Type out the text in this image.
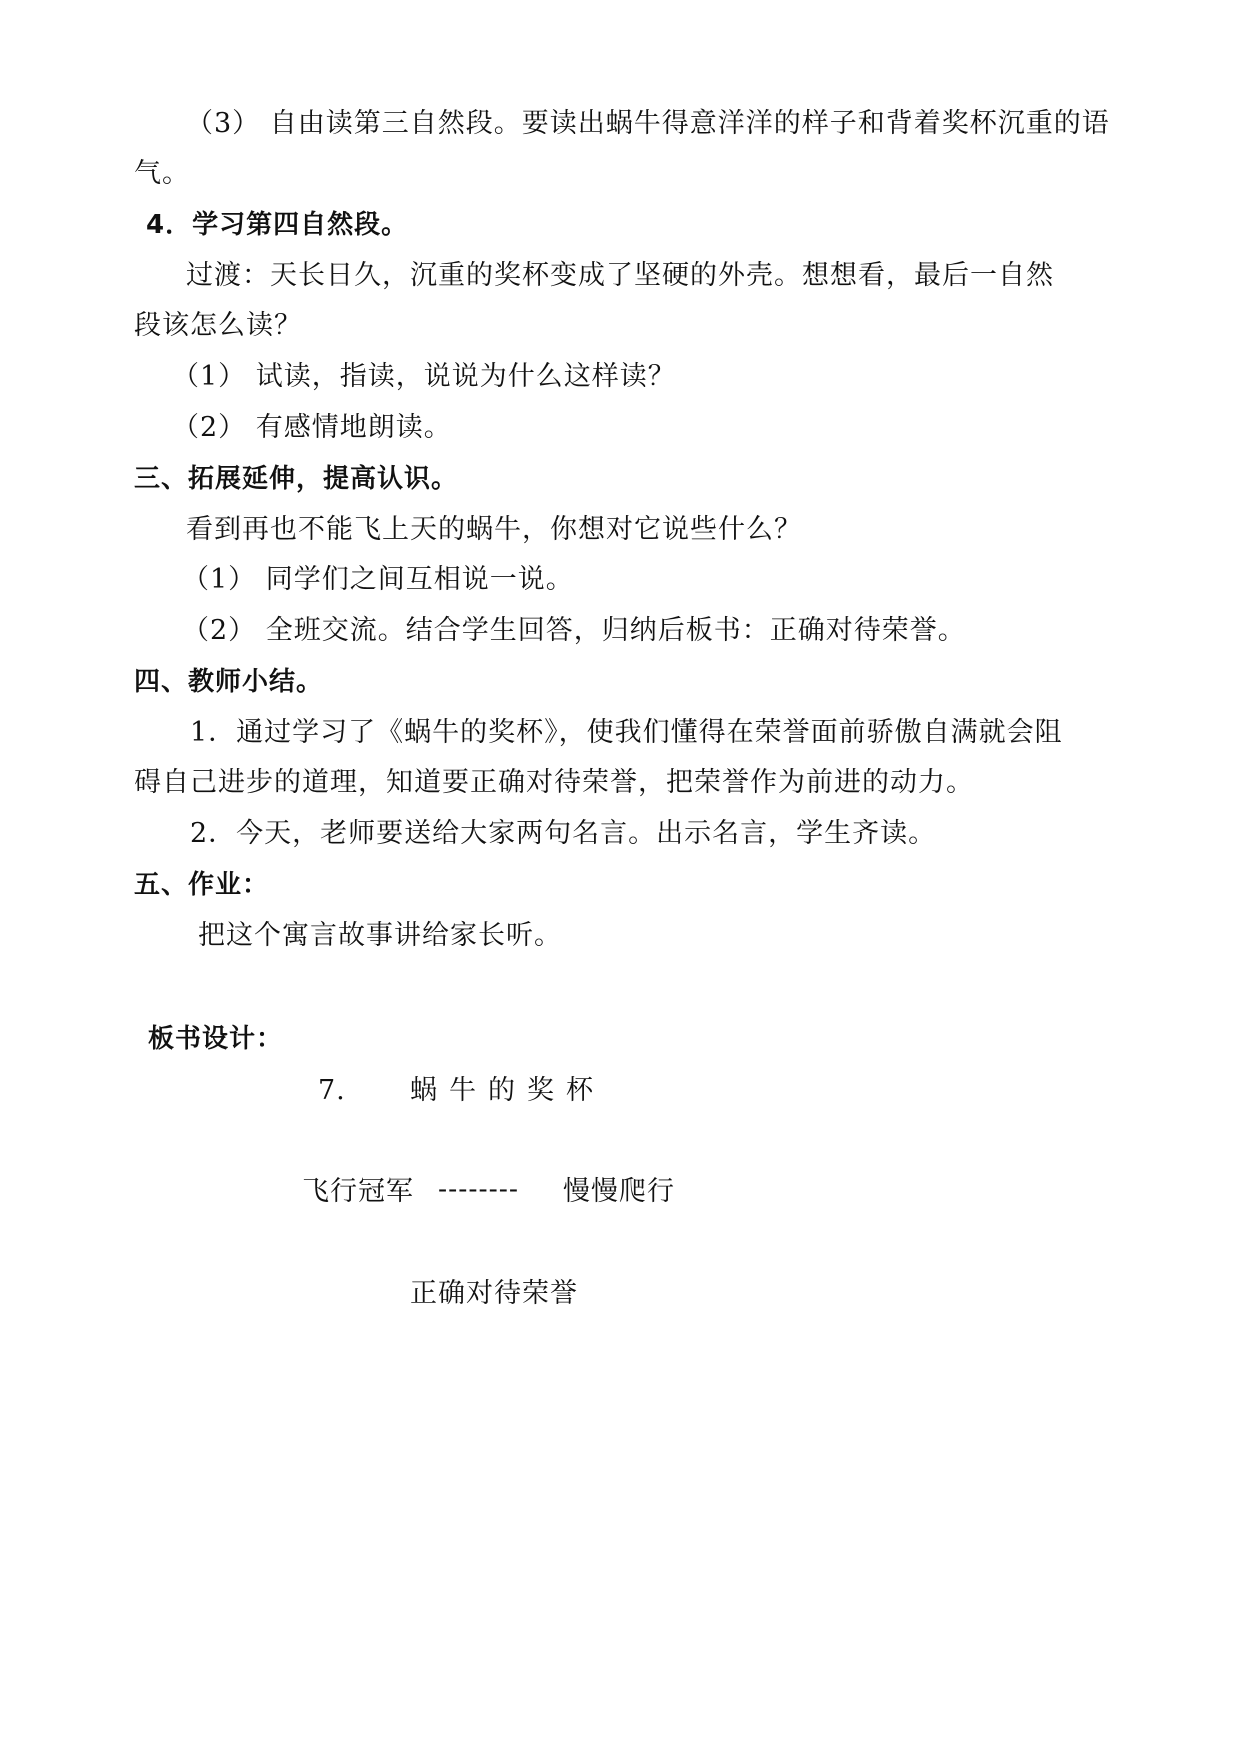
（3） 自由读第三自然段。要读出蜗牛得意洋洋的样子和背着奖杯沉重的语
气。
4．学习第四自然段。
过渡：天长日久，沉重的奖杯变成了坚硬的外壳。想想看，最后一自然
段该怎么读？
（1） 试读，指读，说说为什么这样读？
（2） 有感情地朗读。
三、拓展延伸，提高认识。
看到再也不能飞上天的蜗牛，你想对它说些什么？
（1） 同学们之间互相说一说。
（2） 全班交流。结合学生回答，归纳后板书：正确对待荣誉。
四、教师小结。
1．通过学习了《蜗牛的奖杯》，使我们懂得在荣誉面前骄傲自满就会阻
碍自己进步的道理，知道要正确对待荣誉，把荣誉作为前进的动力。
2．今天，老师要送给大家两句名言。出示名言，学生齐读。
五、作业：
把这个寓言故事讲给家长听。
板书设计：
7. 蜗牛的奖杯
飞行冠军 -------- 慢慢爬行
正确对待荣誉
